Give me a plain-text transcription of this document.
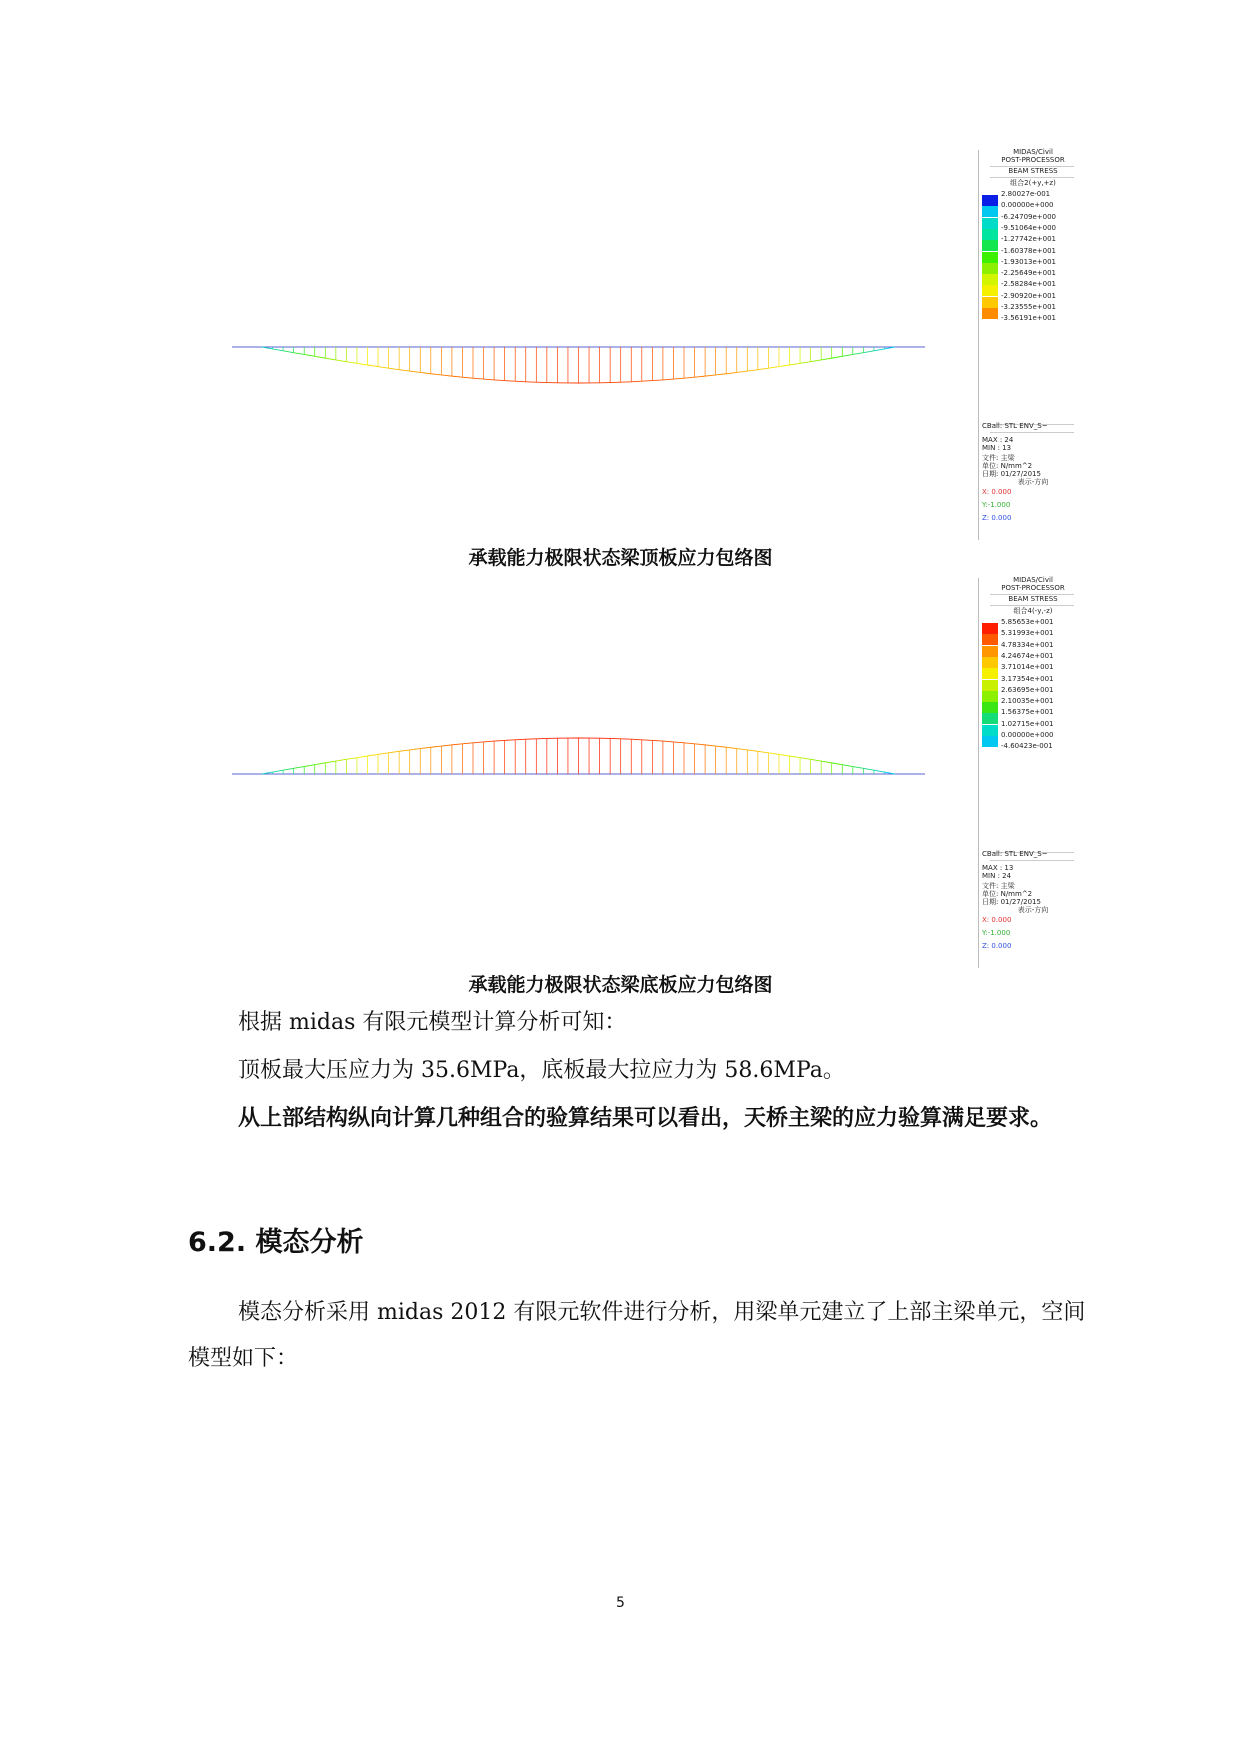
MIDAS/Civil
POST-PROCESSOR
BEAM STRESS
组合2(+y,+z)
2.80027e-001
0.00000e+000
-6.24709e+000
-9.51064e+000
-1.27742e+001
-1.60378e+001
-1.93013e+001
-2.25649e+001
-2.58284e+001
-2.90920e+001
-3.23555e+001
-3.56191e+001
CBall: STL ENV_S~
MAX : 24
MIN : 13
文件: 主梁
单位: N/mm^2
日期: 01/27/2015
表示-方向
X: 0.000
Y:-1.000
Z: 0.000
承载能力极限状态梁顶板应力包络图
MIDAS/Civil
POST-PROCESSOR
BEAM STRESS
组合4(-y,-z)
5.85653e+001
5.31993e+001
4.78334e+001
4.24674e+001
3.71014e+001
3.17354e+001
2.63695e+001
2.10035e+001
1.56375e+001
1.02715e+001
0.00000e+000
-4.60423e-001
CBall: STL ENV_S~
MAX : 13
MIN : 24
文件: 主梁
单位: N/mm^2
日期: 01/27/2015
表示-方向
X: 0.000
Y:-1.000
Z: 0.000
承载能力极限状态梁底板应力包络图
根据 midas 有限元模型计算分析可知：
顶板最大压应力为 35.6MPa，底板最大拉应力为 58.6MPa。
从上部结构纵向计算几种组合的验算结果可以看出，天桥主梁的应力验算满足要求。
6.2. 模态分析
模态分析采用 midas 2012 有限元软件进行分析，用梁单元建立了上部主梁单元，空间模型如下：
5
